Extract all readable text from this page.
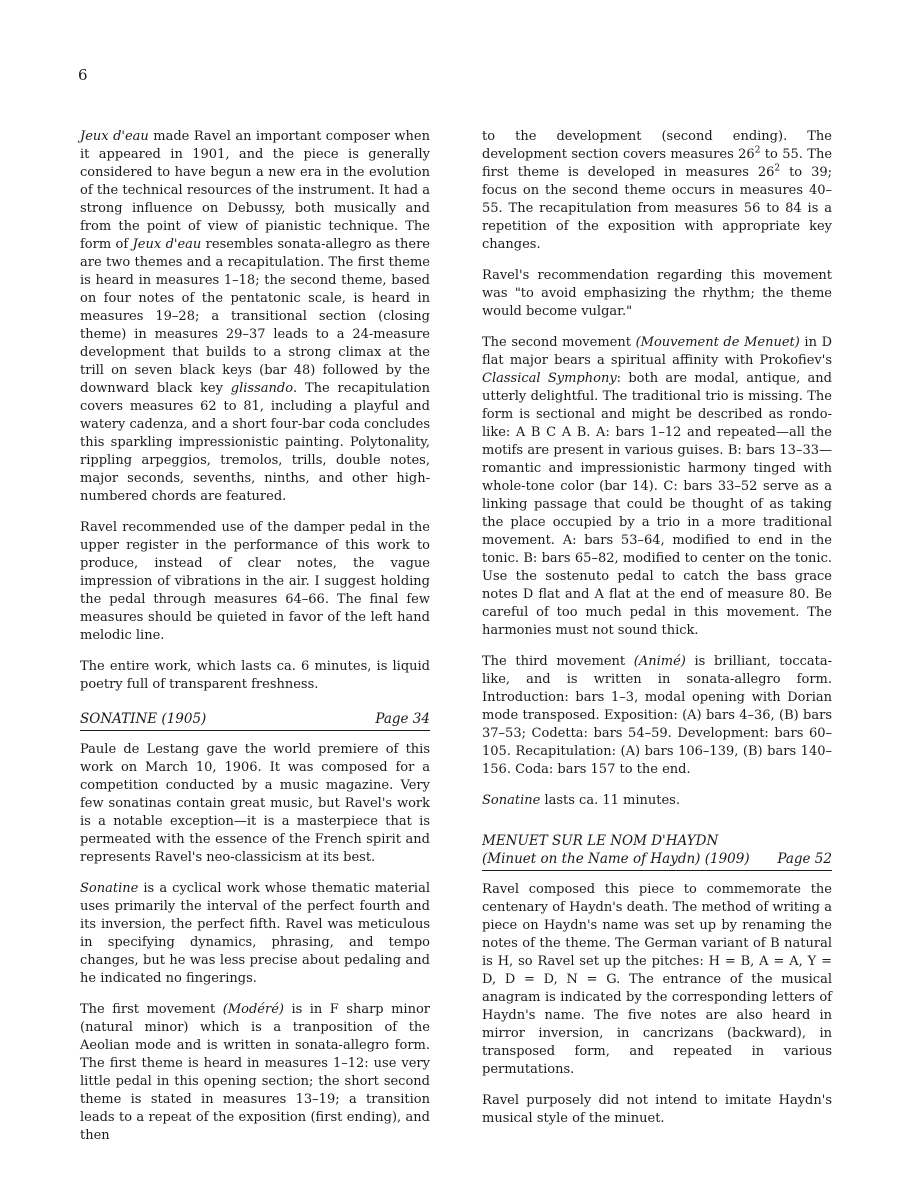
6

Jeux d'eau made Ravel an important composer when it appeared in 1901, and the piece is generally considered to have begun a new era in the evolution of the technical resources of the instrument. It had a strong influence on Debussy, both musically and from the point of view of pianistic technique. The form of Jeux d'eau resembles sonata-allegro as there are two themes and a recapitulation. The first theme is heard in measures 1–18; the second theme, based on four notes of the pentatonic scale, is heard in measures 19–28; a transitional section (closing theme) in measures 29–37 leads to a 24-measure development that builds to a strong climax at the trill on seven black keys (bar 48) followed by the downward black key glissando. The recapitulation covers measures 62 to 81, including a playful and watery cadenza, and a short four-bar coda concludes this sparkling impressionistic painting. Polytonality, rippling arpeggios, tremolos, trills, double notes, major seconds, sevenths, ninths, and other high-numbered chords are featured.

Ravel recommended use of the damper pedal in the upper register in the performance of this work to produce, instead of clear notes, the vague impression of vibrations in the air. I suggest holding the pedal through measures 64–66. The final few measures should be quieted in favor of the left hand melodic line.

The entire work, which lasts ca. 6 minutes, is liquid poetry full of transparent freshness.

SONATINE (1905)	Page 34

Paule de Lestang gave the world premiere of this work on March 10, 1906. It was composed for a competition conducted by a music magazine. Very few sonatinas contain great music, but Ravel's work is a notable exception—it is a masterpiece that is permeated with the essence of the French spirit and represents Ravel's neo-classicism at its best.

Sonatine is a cyclical work whose thematic material uses primarily the interval of the perfect fourth and its inversion, the perfect fifth. Ravel was meticulous in specifying dynamics, phrasing, and tempo changes, but he was less precise about pedaling and he indicated no fingerings.

The first movement (Modéré) is in F sharp minor (natural minor) which is a tranposition of the Aeolian mode and is written in sonata-allegro form. The first theme is heard in measures 1–12: use very little pedal in this opening section; the short second theme is stated in measures 13–19; a transition leads to a repeat of the exposition (first ending), and then

to the development (second ending). The development section covers measures $26^2$ to 55. The first theme is developed in measures $26^2$ to 39; focus on the second theme occurs in measures 40–55. The recapitulation from measures 56 to 84 is a repetition of the exposition with appropriate key changes.

Ravel's recommendation regarding this movement was "to avoid emphasizing the rhythm; the theme would become vulgar."

The second movement (Mouvement de Menuet) in D flat major bears a spiritual affinity with Prokofiev's Classical Symphony: both are modal, antique, and utterly delightful. The traditional trio is missing. The form is sectional and might be described as rondo-like: A B C A B. A: bars 1–12 and repeated—all the motifs are present in various guises. B: bars 13–33—romantic and impressionistic harmony tinged with whole-tone color (bar 14). C: bars 33–52 serve as a linking passage that could be thought of as taking the place occupied by a trio in a more traditional movement. A: bars 53–64, modified to end in the tonic. B: bars 65–82, modified to center on the tonic. Use the sostenuto pedal to catch the bass grace notes D flat and A flat at the end of measure 80. Be careful of too much pedal in this movement. The harmonies must not sound thick.

The third movement (Animé) is brilliant, toccata-like, and is written in sonata-allegro form. Introduction: bars 1–3, modal opening with Dorian mode transposed. Exposition: (A) bars 4–36, (B) bars 37–53; Codetta: bars 54–59. Development: bars 60–105. Recapitulation: (A) bars 106–139, (B) bars 140–156. Coda: bars 157 to the end.

Sonatine lasts ca. 11 minutes.

MENUET SUR LE NOM D'HAYDN
(Minuet on the Name of Haydn) (1909) Page 52

Ravel composed this piece to commemorate the centenary of Haydn's death. The method of writing a piece on Haydn's name was set up by renaming the notes of the theme. The German variant of B natural is H, so Ravel set up the pitches: H = B, A = A, Y = D, D = D, N = G. The entrance of the musical anagram is indicated by the corresponding letters of Haydn's name. The five notes are also heard in mirror inversion, in cancrizans (backward), in transposed form, and repeated in various permutations.

Ravel purposely did not intend to imitate Haydn's musical style of the minuet.
